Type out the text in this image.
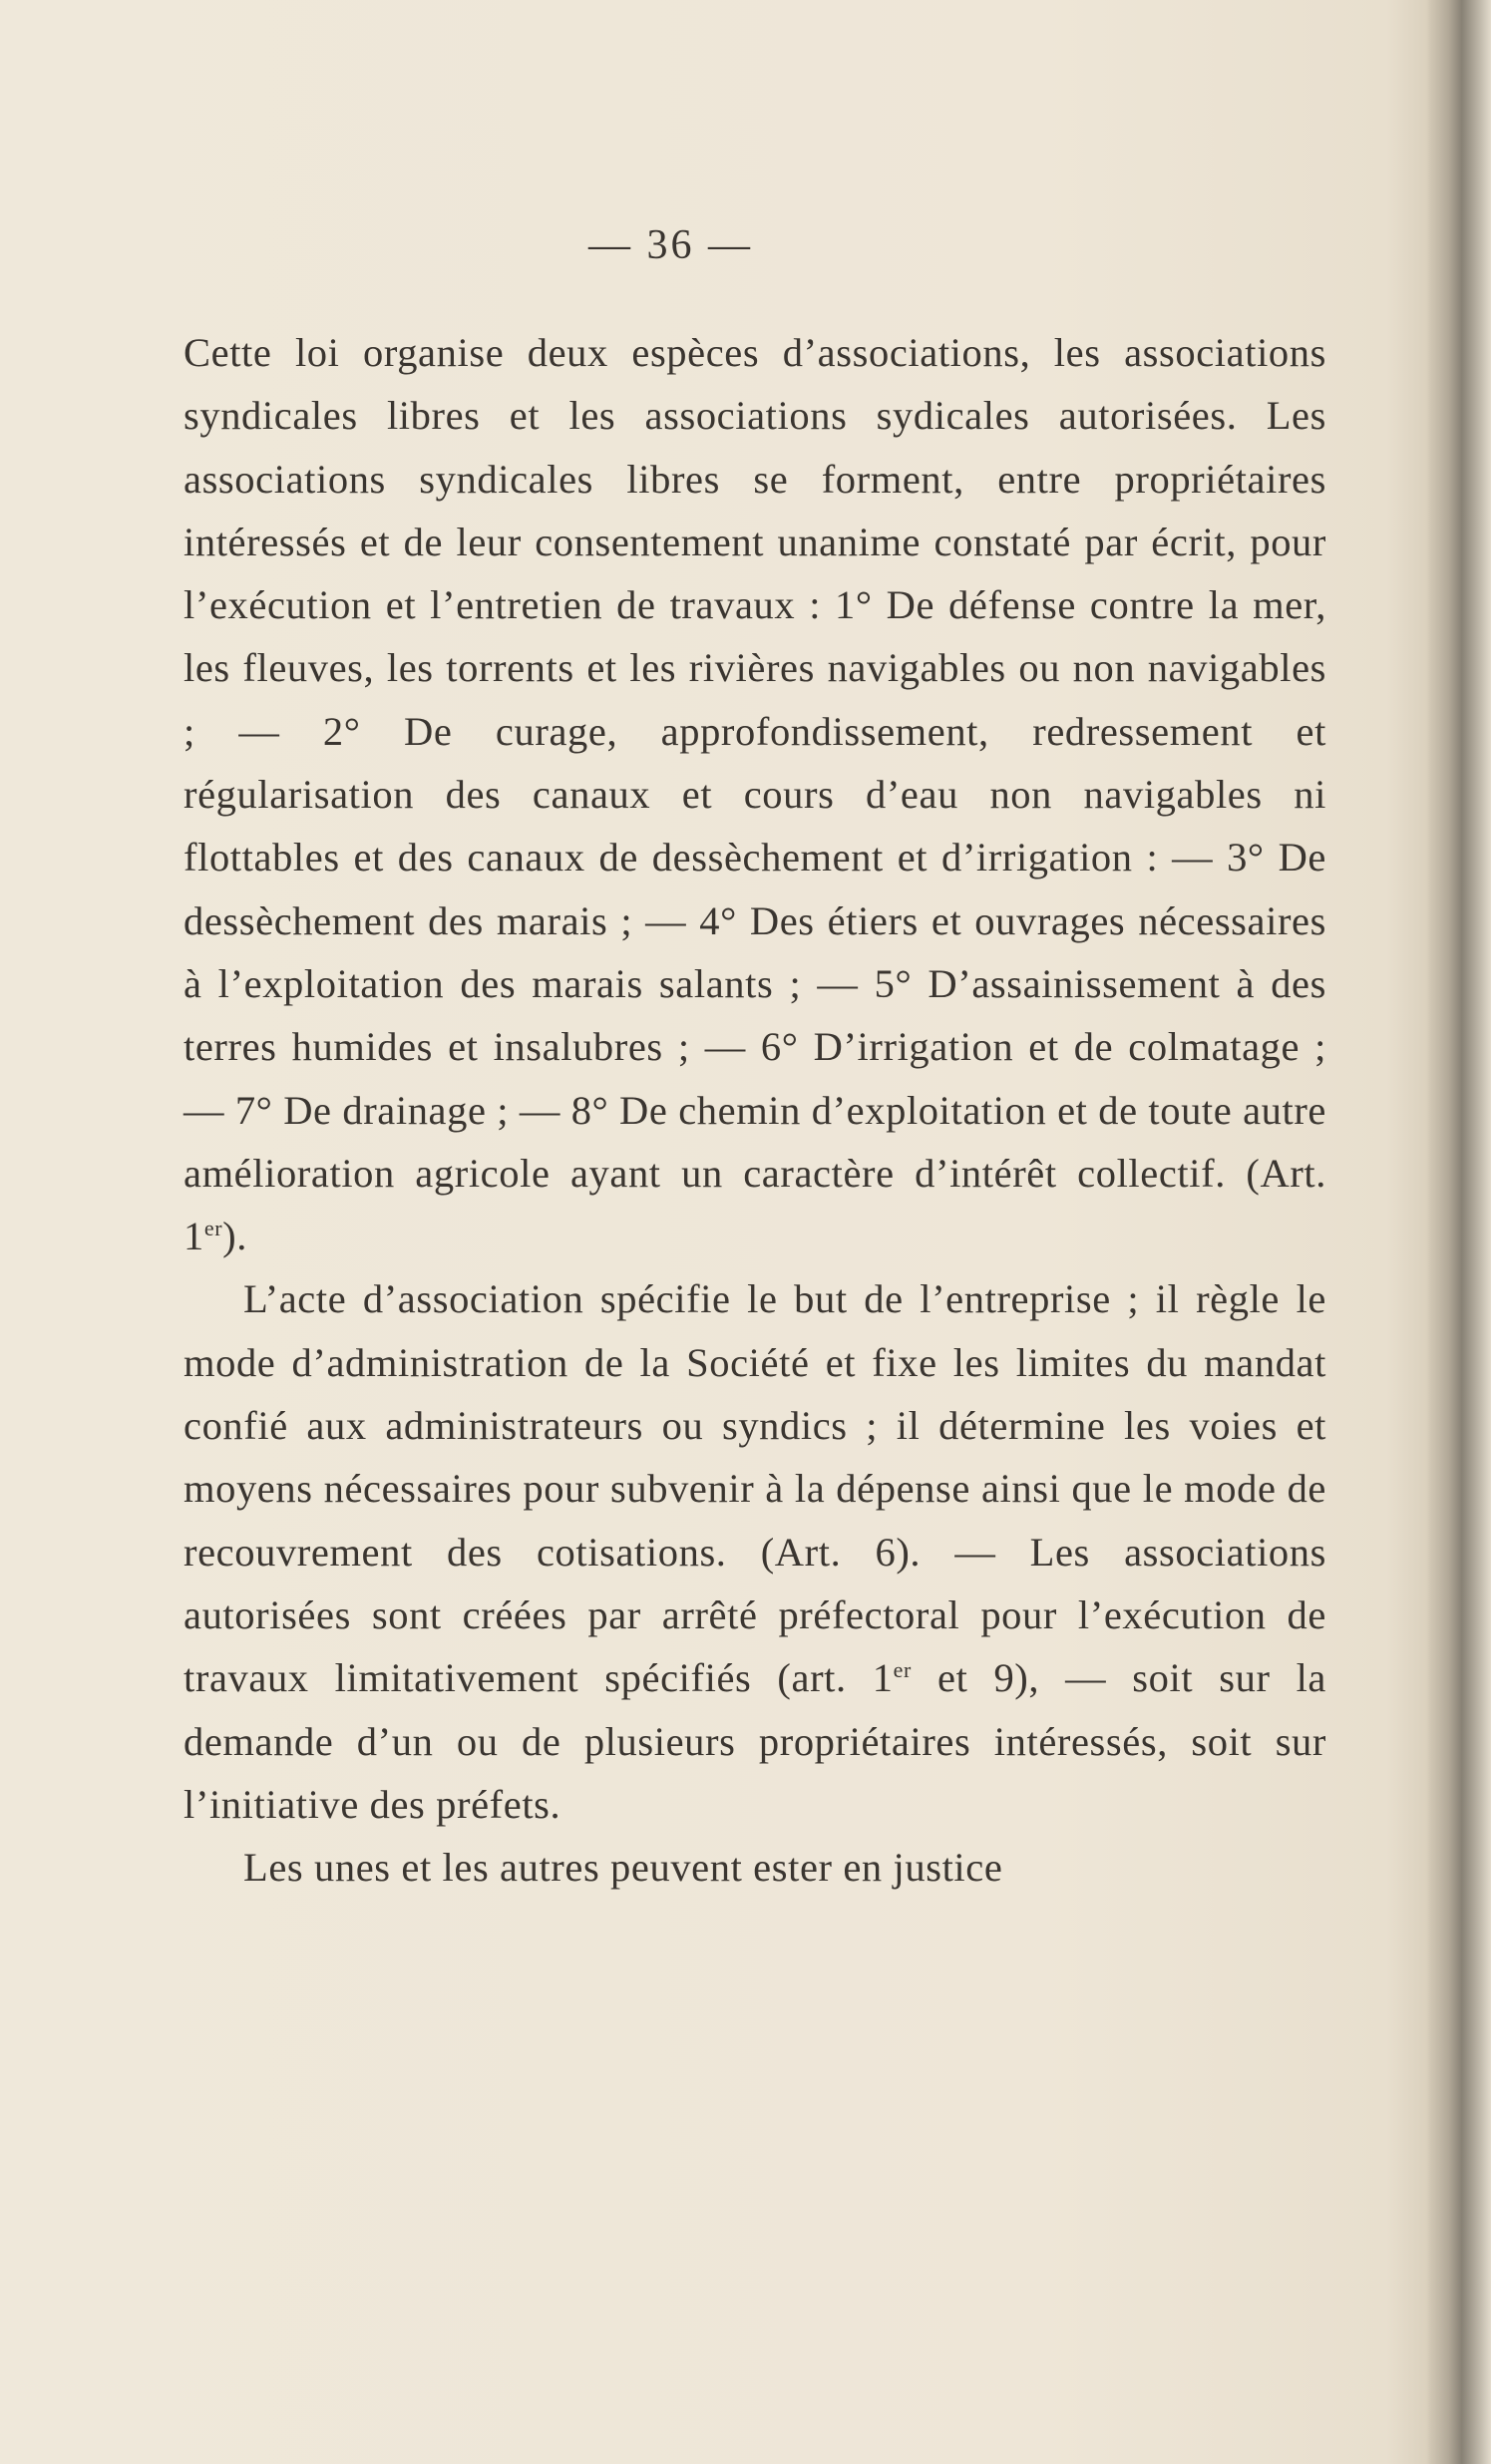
— 36 —

Cette loi organise deux espèces d’associations, les associations syndicales libres et les associations sydicales autorisées. Les associations syndicales libres se forment, entre propriétaires intéressés et de leur consentement unanime constaté par écrit, pour l’exécution et l’entretien de travaux : 1° De défense contre la mer, les fleuves, les torrents et les rivières navigables ou non navigables ; — 2° De curage, approfondissement, redressement et régularisation des canaux et cours d’eau non navigables ni flottables et des canaux de dessèchement et d’irrigation : — 3° De dessèchement des marais ; — 4° Des étiers et ouvrages nécessaires à l’exploitation des marais salants ; — 5° D’assainissement à des terres humides et insalubres ; — 6° D’irrigation et de colmatage ; — 7° De drainage ; — 8° De chemin d’exploitation et de toute autre amélioration agricole ayant un caractère d’intérêt collectif. (Art. 1er).

L’acte d’association spécifie le but de l’entreprise ; il règle le mode d’administration de la Société et fixe les limites du mandat confié aux administrateurs ou syndics ; il détermine les voies et moyens nécessaires pour subvenir à la dépense ainsi que le mode de recouvrement des cotisations. (Art. 6). — Les associations autorisées sont créées par arrêté préfectoral pour l’exécution de travaux limitativement spécifiés (art. 1er et 9), — soit sur la demande d’un ou de plusieurs propriétaires intéressés, soit sur l’initiative des préfets.

Les unes et les autres peuvent ester en justice
